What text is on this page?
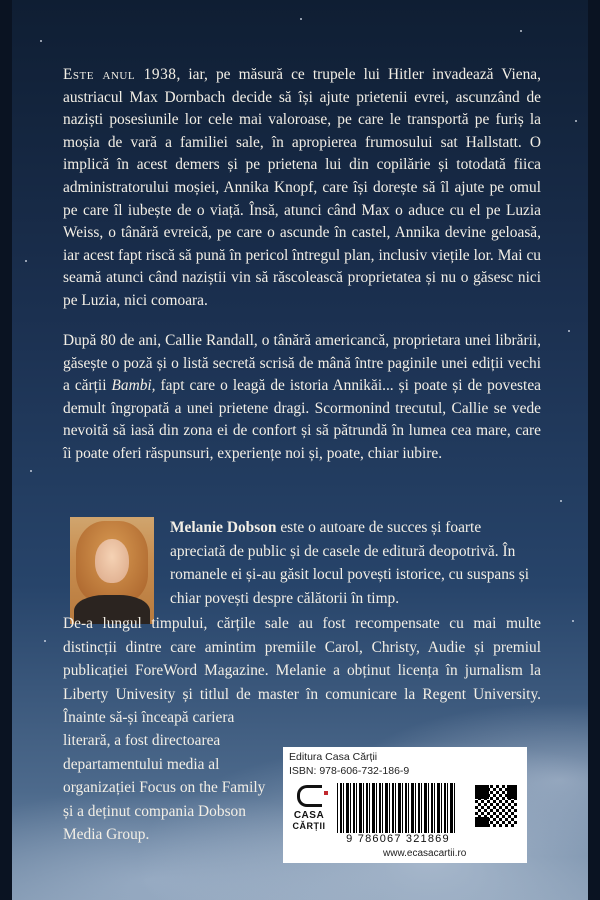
Este anul 1938, iar, pe măsură ce trupele lui Hitler invadează Viena, austriacul Max Dornbach decide să își ajute prietenii evrei, ascunzând de naziști posesiunile lor cele mai valoroase, pe care le transportă pe furiș la moșia de vară a familiei sale, în apropierea frumosului sat Hallstatt. O implică în acest demers și pe prietena lui din copilărie și totodată fiica administratorului moșiei, Annika Knopf, care își dorește să îl ajute pe omul pe care îl iubește de o viață. Însă, atunci când Max o aduce cu el pe Luzia Weiss, o tânără evreică, pe care o ascunde în castel, Annika devine geloasă, iar acest fapt riscă să pună în pericol întregul plan, inclusiv viețile lor. Mai cu seamă atunci când naziștii vin să răscolească proprietatea și nu o găsesc nici pe Luzia, nici comoara.

După 80 de ani, Callie Randall, o tânără americancă, proprietara unei librării, găsește o poză și o listă secretă scrisă de mână între paginile unei ediții vechi a cărții Bambi, fapt care o leagă de istoria Annikăi... și poate și de povestea demult îngropată a unei prietene dragi. Scormonind trecutul, Callie se vede nevoită să iasă din zona ei de confort și să pătrundă în lumea cea mare, care îi poate oferi răspunsuri, experiențe noi și, poate, chiar iubire.

Melanie Dobson este o autoare de succes și foarte apreciată de public și de casele de editură deopotrivă. În romanele ei și-au găsit locul povești istorice, cu suspans și chiar povești despre călătorii în timp.

De-a lungul timpului, cărțile sale au fost recompensate cu mai multe distincții dintre care amintim premiile Carol, Christy, Audie și premiul publicației ForeWord Magazine. Melanie a obținut licența în jurnalism la Liberty Univesity și titlul de master în comunicare la Regent University. Înainte să-și înceapă cariera

literară, a fost directoarea departamentului media al organizației Focus on the Family și a deținut compania Dobson Media Group.

Editura Casa Cărții
ISBN: 978-606-732-186-9
CASA
CĂRȚII
9 786067 321869
www.ecasacartii.ro
